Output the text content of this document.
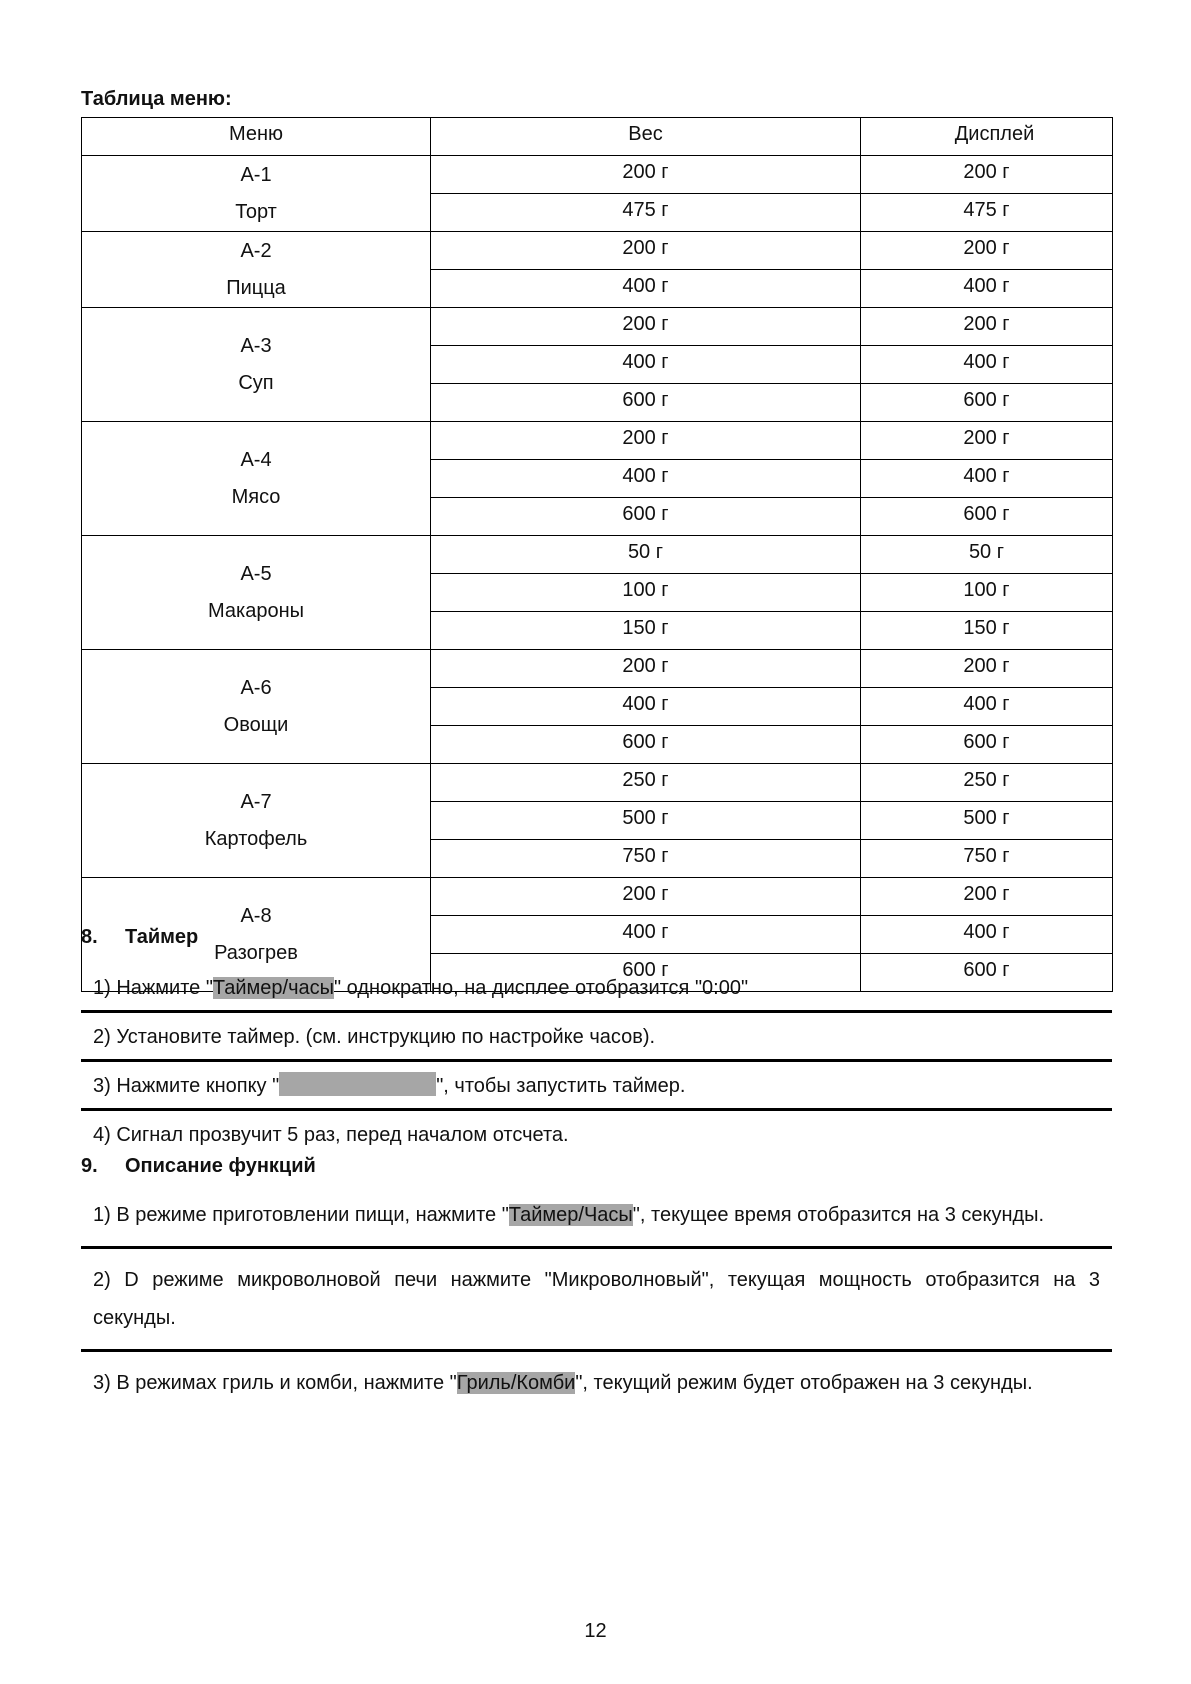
Таблица меню:
Меню	Вес	Дисплей

A-1
Торт	200 г	200 г

	475 г	475 г

A-2
Пицца	200 г	200 г

	400 г	400 г

A-3
Суп	200 г	200 г

	400 г	400 г

	600 г	600 г

A-4
Мясо	200 г	200 г

	400 г	400 г

	600 г	600 г

A-5
Макароны	50 г	50 г

	100 г	100 г

	150 г	150 г

A-6
Овощи	200 г	200 г

	400 г	400 г

	600 г	600 г

A-7
Картофель	250 г	250 г

	500 г	500 г

	750 г	750 г

A-8
Разогрев	200 г	200 г

	400 г	400 г

	600 г	600 г
8. Таймер
1) Нажмите "Таймер/часы" однократно, на дисплее отобразится "0:00"
2) Установите таймер. (см. инструкцию по настройке часов).
3) Нажмите кнопку "	", чтобы запустить таймер.
4) Сигнал прозвучит 5 раз, перед началом отсчета.
9. Описание функций
1) В режиме приготовлении пищи, нажмите "Таймер/Часы", текущее время отобразится на 3 секунды.
2) D режиме микроволновой печи нажмите "Микроволновый", текущая мощность отобразится на 3 секунды.
3) В режимах гриль и комби, нажмите "Гриль/Комби", текущий режим будет отображен на 3 секунды.
12
